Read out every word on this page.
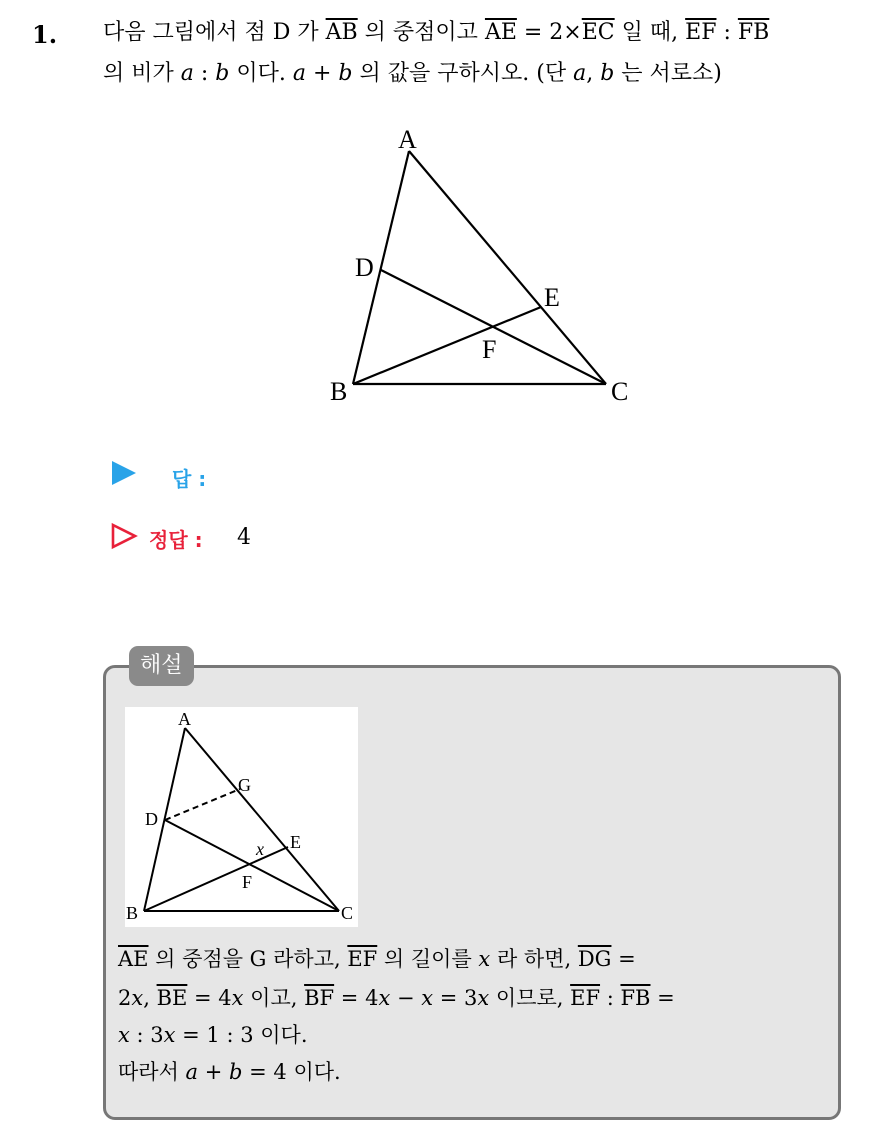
1. 다음 그림에서 점 D 가 $\overline{AB}$ 의 중점이고 $\overline{AE} = 2\times\overline{EC}$ 일 때, $\overline{EF}$ : $\overline{FB}$
의 비가 a : b 이다. a + b 의 값을 구하시오. (단 a, b 는 서로소)
A
B	C
D
E
F
답 :
정답 : 4
해설
A
G
D
E
F
B	C
x
$\overline{AE}$ 의 중점을 G 라하고, $\overline{EF}$ 의 길이를 x 라 하면, $\overline{DG}$ =
2x, $\overline{BE} = 4x$ 이고, $\overline{BF} = 4x - x = 3x$ 이므로, $\overline{EF}$ : $\overline{FB}$ =
x : 3x = 1 : 3 이다.
따라서 a + b = 4 이다.
